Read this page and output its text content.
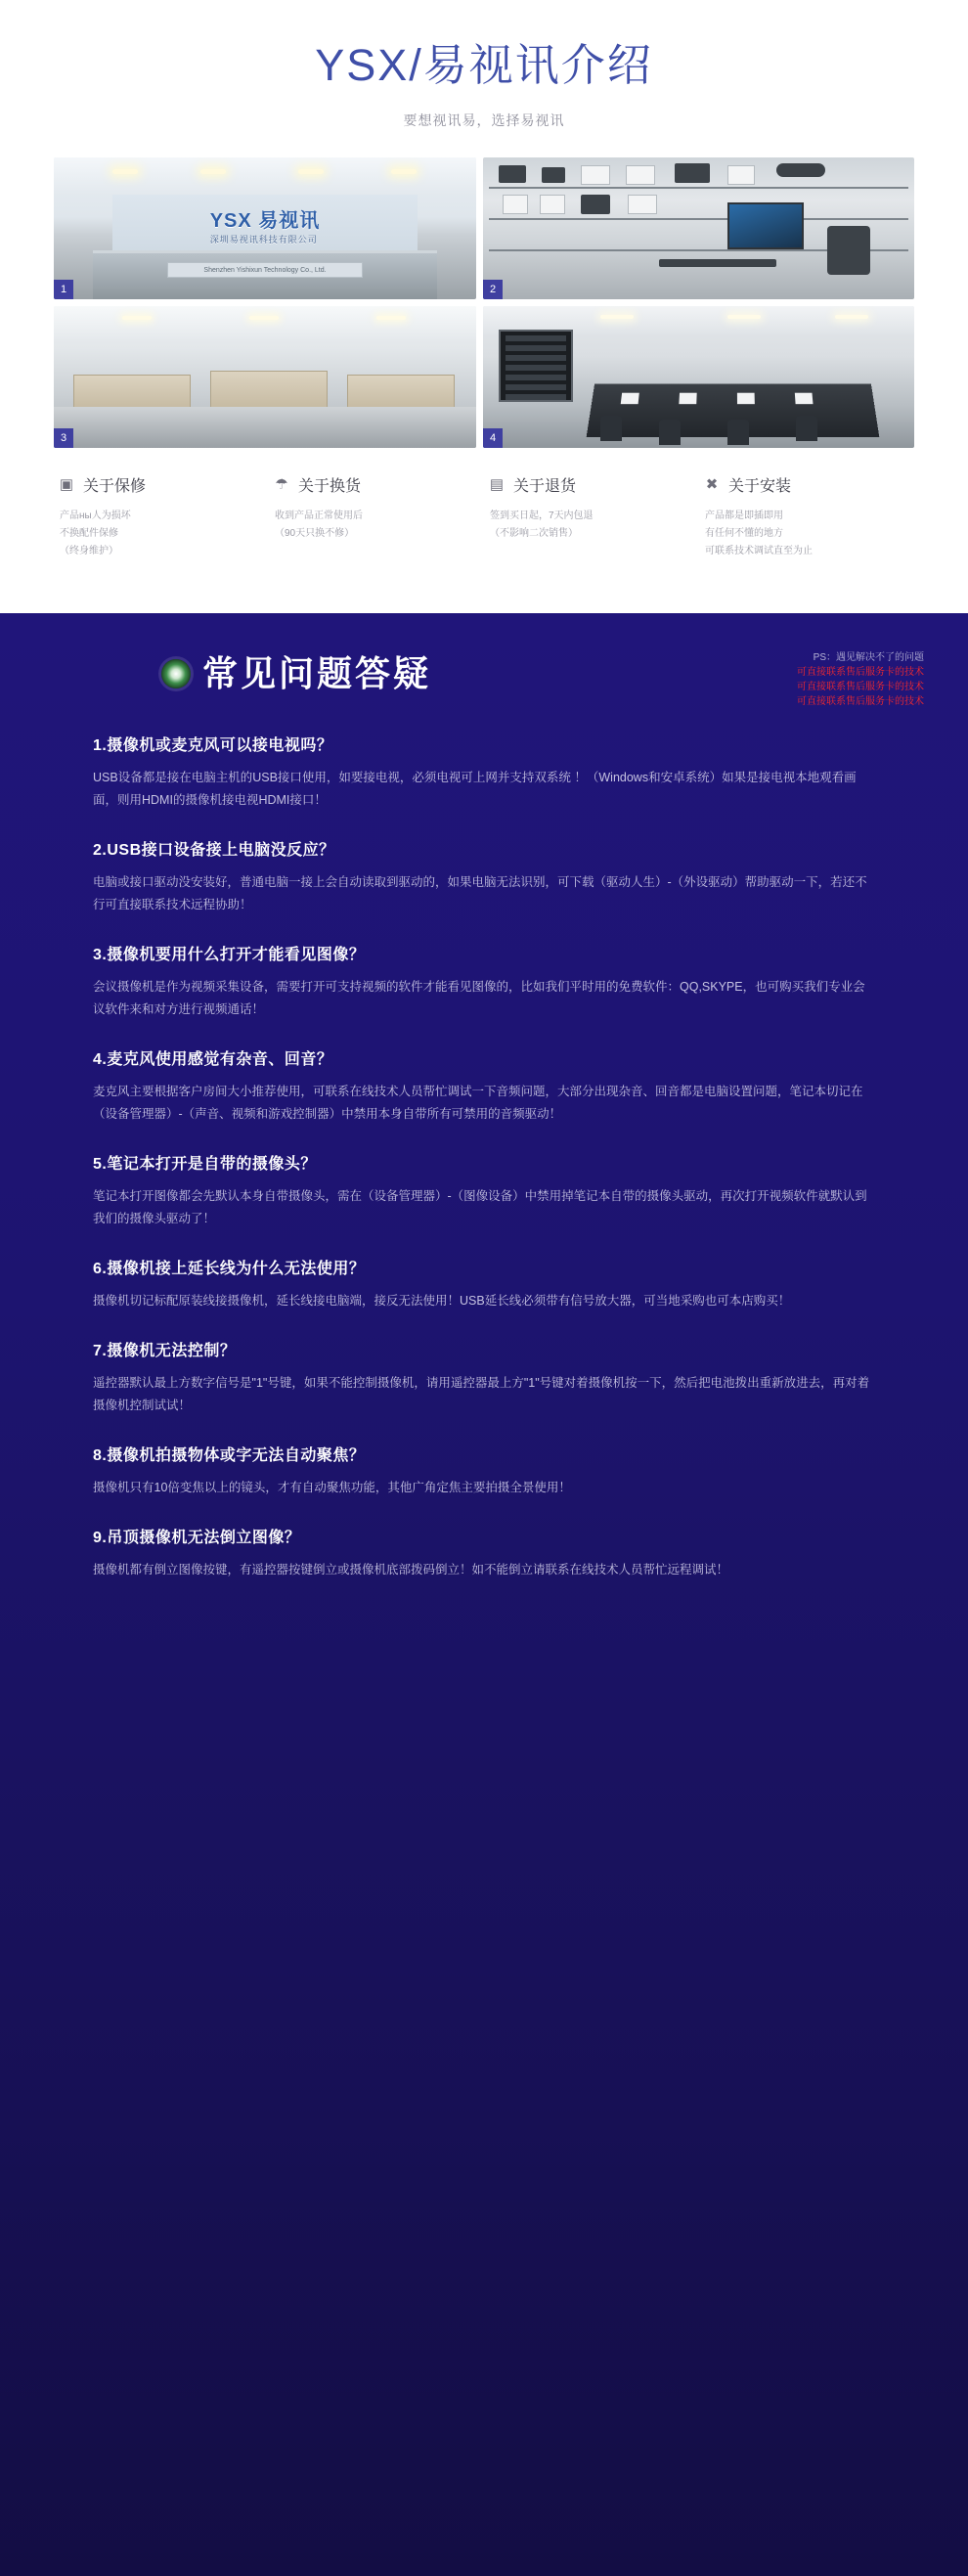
YSX/易视讯介绍
要想视讯易，选择易视讯
YSX 易视讯
深圳易视讯科技有限公司
Shenzhen Yishixun Technology Co., Ltd.
1	2
3	4
▣ 关于保修
产品ны人为损坏
不换配件保修
（终身维护）
☂ 关于换货
收到产品正常使用后
（90天只换不修）
▤ 关于退货
签到买日起，7天内包退
（不影响二次销售）
✖ 关于安装
产品都是即插即用
有任何不懂的地方
可联系技术调试直至为止
常见问题答疑	PS：遇见解决不了的问题
可直接联系售后服务卡的技术
可直接联系售后服务卡的技术
可直接联系售后服务卡的技术
1.摄像机或麦克风可以接电视吗？
USB设备都是接在电脑主机的USB接口使用，如要接电视，必须电视可上网并支持双系统 ！（Windows和安卓系统）如果是接电视本地观看画面，则用HDMI的摄像机接电视HDMI接口！
2.USB接口设备接上电脑没反应？
电脑或接口驱动没安装好，普通电脑一接上会自动读取到驱动的，如果电脑无法识别，可下载（驱动人生）-（外设驱动）帮助驱动一下，若还不行可直接联系技术远程协助！
3.摄像机要用什么打开才能看见图像？
会议摄像机是作为视频采集设备，需要打开可支持视频的软件才能看见图像的，比如我们平时用的免费软件：QQ,SKYPE，也可购买我们专业会议软件来和对方进行视频通话！
4.麦克风使用感觉有杂音、回音？
麦克风主要根据客户房间大小推荐使用，可联系在线技术人员帮忙调试一下音频问题，大部分出现杂音、回音都是电脑设置问题，笔记本切记在（设备管理器）-（声音、视频和游戏控制器）中禁用本身自带所有可禁用的音频驱动！
5.笔记本打开是自带的摄像头？
笔记本打开图像都会先默认本身自带摄像头，需在（设备管理器）-（图像设备）中禁用掉笔记本自带的摄像头驱动，再次打开视频软件就默认到我们的摄像头驱动了！
6.摄像机接上延长线为什么无法使用？
摄像机切记标配原装线接摄像机，延长线接电脑端，接反无法使用！USB延长线必须带有信号放大器，可当地采购也可本店购买！
7.摄像机无法控制？
遥控器默认最上方数字信号是"1"号键，如果不能控制摄像机，请用遥控器最上方"1"号键对着摄像机按一下，然后把电池拨出重新放进去，再对着摄像机控制试试！
8.摄像机拍摄物体或字无法自动聚焦？
摄像机只有10倍变焦以上的镜头，才有自动聚焦功能，其他广角定焦主要拍摄全景使用！
9.吊顶摄像机无法倒立图像？
摄像机都有倒立图像按键，有遥控器按键倒立或摄像机底部拨码倒立！如不能倒立请联系在线技术人员帮忙远程调试！
